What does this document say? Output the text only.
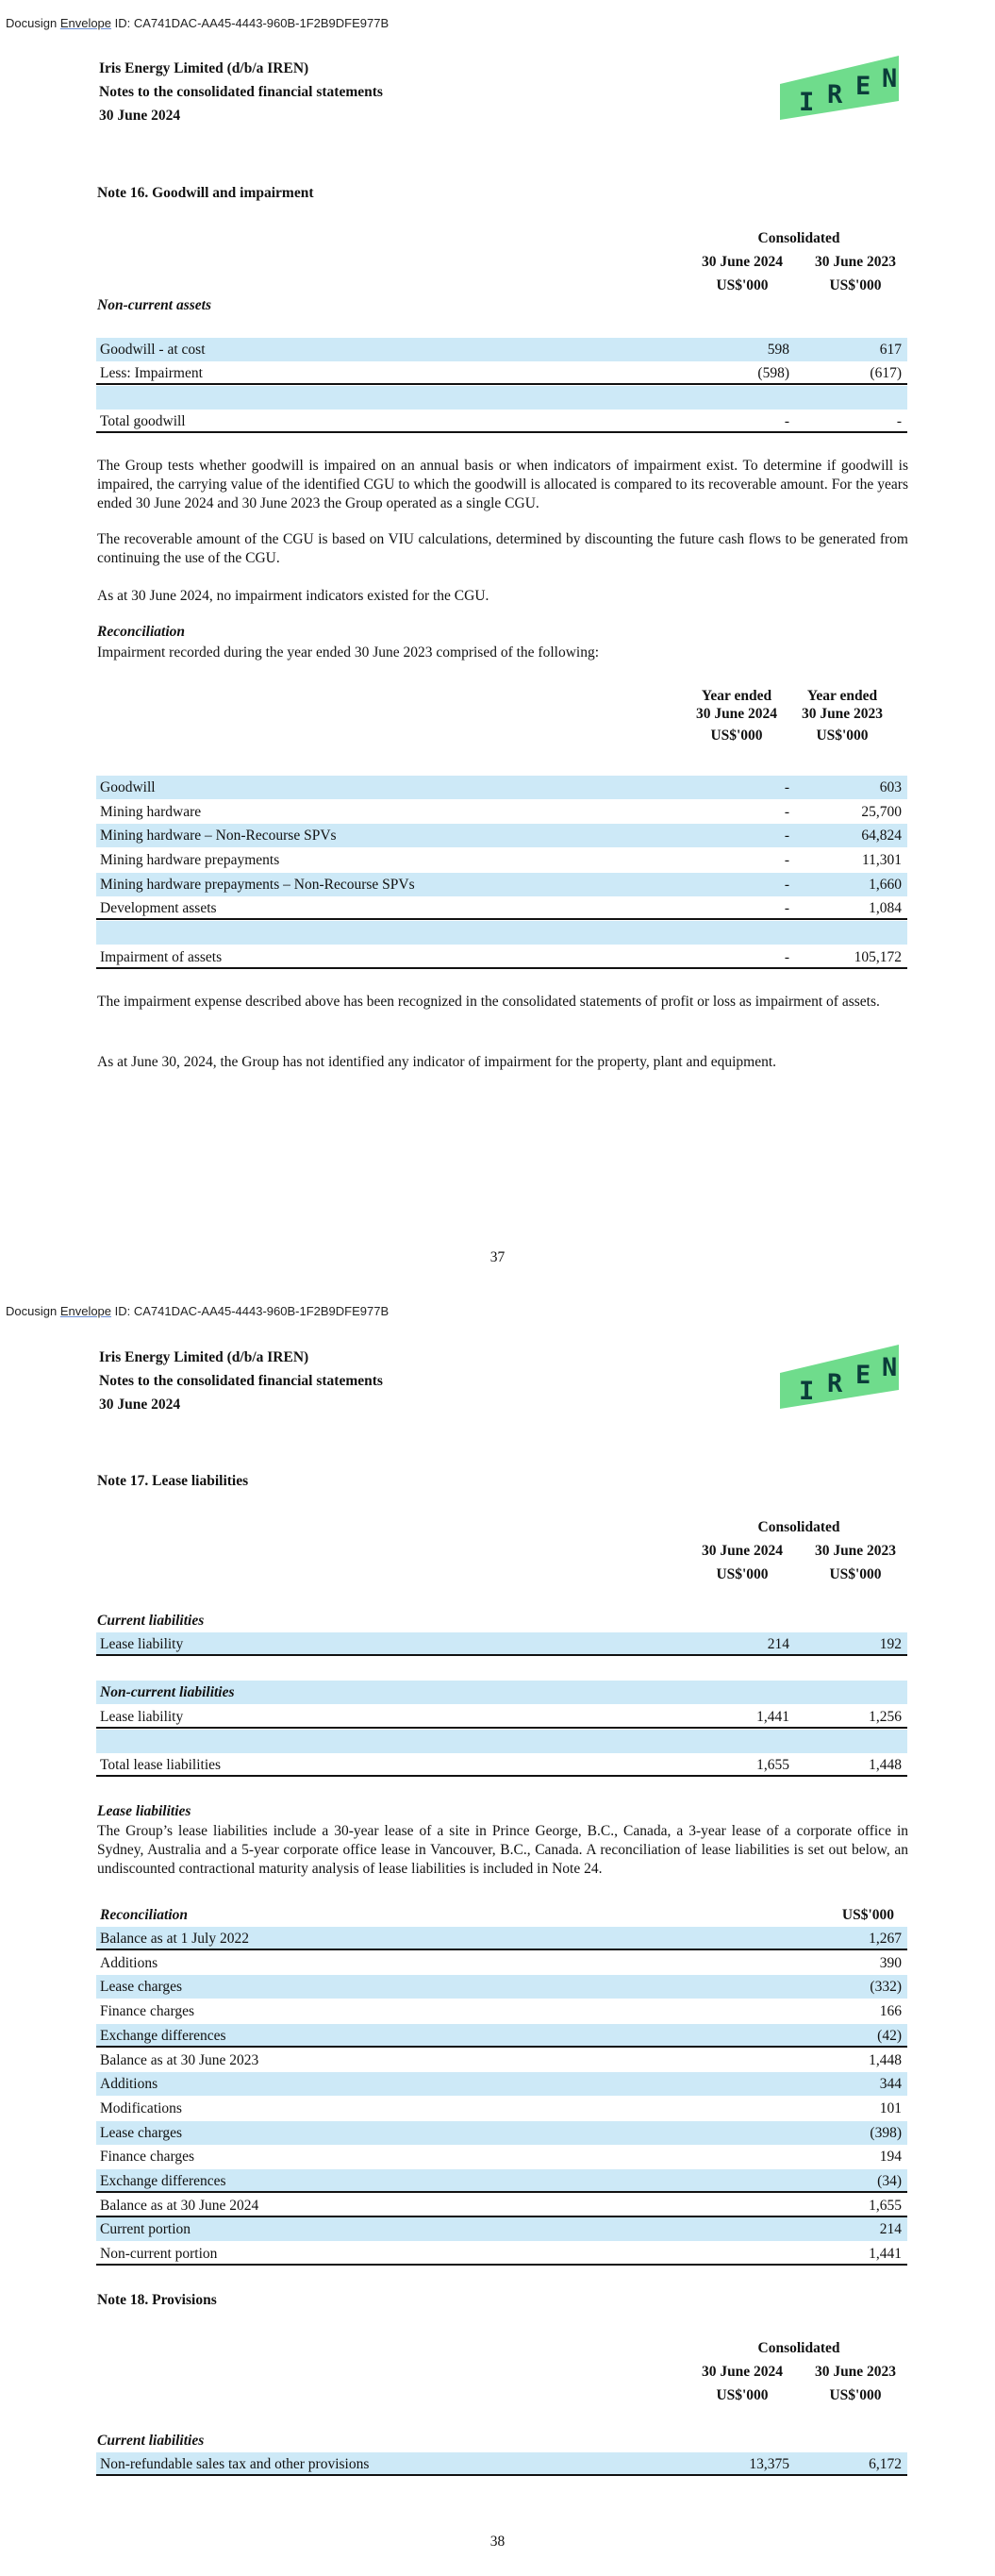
Docusign Envelope ID: CA741DAC-AA45-4443-960B-1F2B9DFE977B
Iris Energy Limited (d/b/a IREN)
Notes to the consolidated financial statements
30 June 2024	I R E N
Note 16. Goodwill and impairment
Consolidated
30 June 2024
US$'000
30 June 2023
US$'000
Non-current assets
Goodwill - at cost	598	617
Less: Impairment	(598)	(617)
Total goodwill	-	-
The Group tests whether goodwill is impaired on an annual basis or when indicators of impairment exist. To determine if goodwill is impaired, the carrying value of the identified CGU to which the goodwill is allocated is compared to its recoverable amount. For the years ended 30 June 2024 and 30 June 2023 the Group operated as a single CGU.
The recoverable amount of the CGU is based on VIU calculations, determined by discounting the future cash flows to be generated from continuing the use of the CGU.
As at 30 June 2024, no impairment indicators existed for the CGU.
Reconciliation
Impairment recorded during the year ended 30 June 2023 comprised of the following:
Year ended
30 June 2024
US$'000
Year ended
30 June 2023
US$'000
Goodwill	-	603
Mining hardware	-	25,700
Mining hardware – Non-Recourse SPVs	-	64,824
Mining hardware prepayments	-	11,301
Mining hardware prepayments – Non-Recourse SPVs	-	1,660
Development assets	-	1,084
Impairment of assets	-	105,172
The impairment expense described above has been recognized in the consolidated statements of profit or loss as impairment of assets.
As at June 30, 2024, the Group has not identified any indicator of impairment for the property, plant and equipment.
37
Docusign Envelope ID: CA741DAC-AA45-4443-960B-1F2B9DFE977B
Iris Energy Limited (d/b/a IREN)
Notes to the consolidated financial statements
30 June 2024	I R E N
Note 17. Lease liabilities
Consolidated
30 June 2024
US$'000
30 June 2023
US$'000
Current liabilities
Lease liability	214	192
Non-current liabilities
Lease liability	1,441	1,256
Total lease liabilities	1,655	1,448
Lease liabilities
The Group’s lease liabilities include a 30-year lease of a site in Prince George, B.C., Canada, a 3-year lease of a corporate office in Sydney, Australia and a 5-year corporate office lease in Vancouver, B.C., Canada. A reconciliation of lease liabilities is set out below, an undiscounted contractional maturity analysis of lease liabilities is included in Note 24.
Reconciliation	US$'000
Balance as at 1 July 2022	1,267
Additions	390
Lease charges	(332)
Finance charges	166
Exchange differences	(42)
Balance as at 30 June 2023	1,448
Additions	344
Modifications	101
Lease charges	(398)
Finance charges	194
Exchange differences	(34)
Balance as at 30 June 2024	1,655
Current portion	214
Non-current portion	1,441
Note 18. Provisions
Consolidated
30 June 2024
US$'000
30 June 2023
US$'000
Current liabilities
Non-refundable sales tax and other provisions	13,375	6,172
38
